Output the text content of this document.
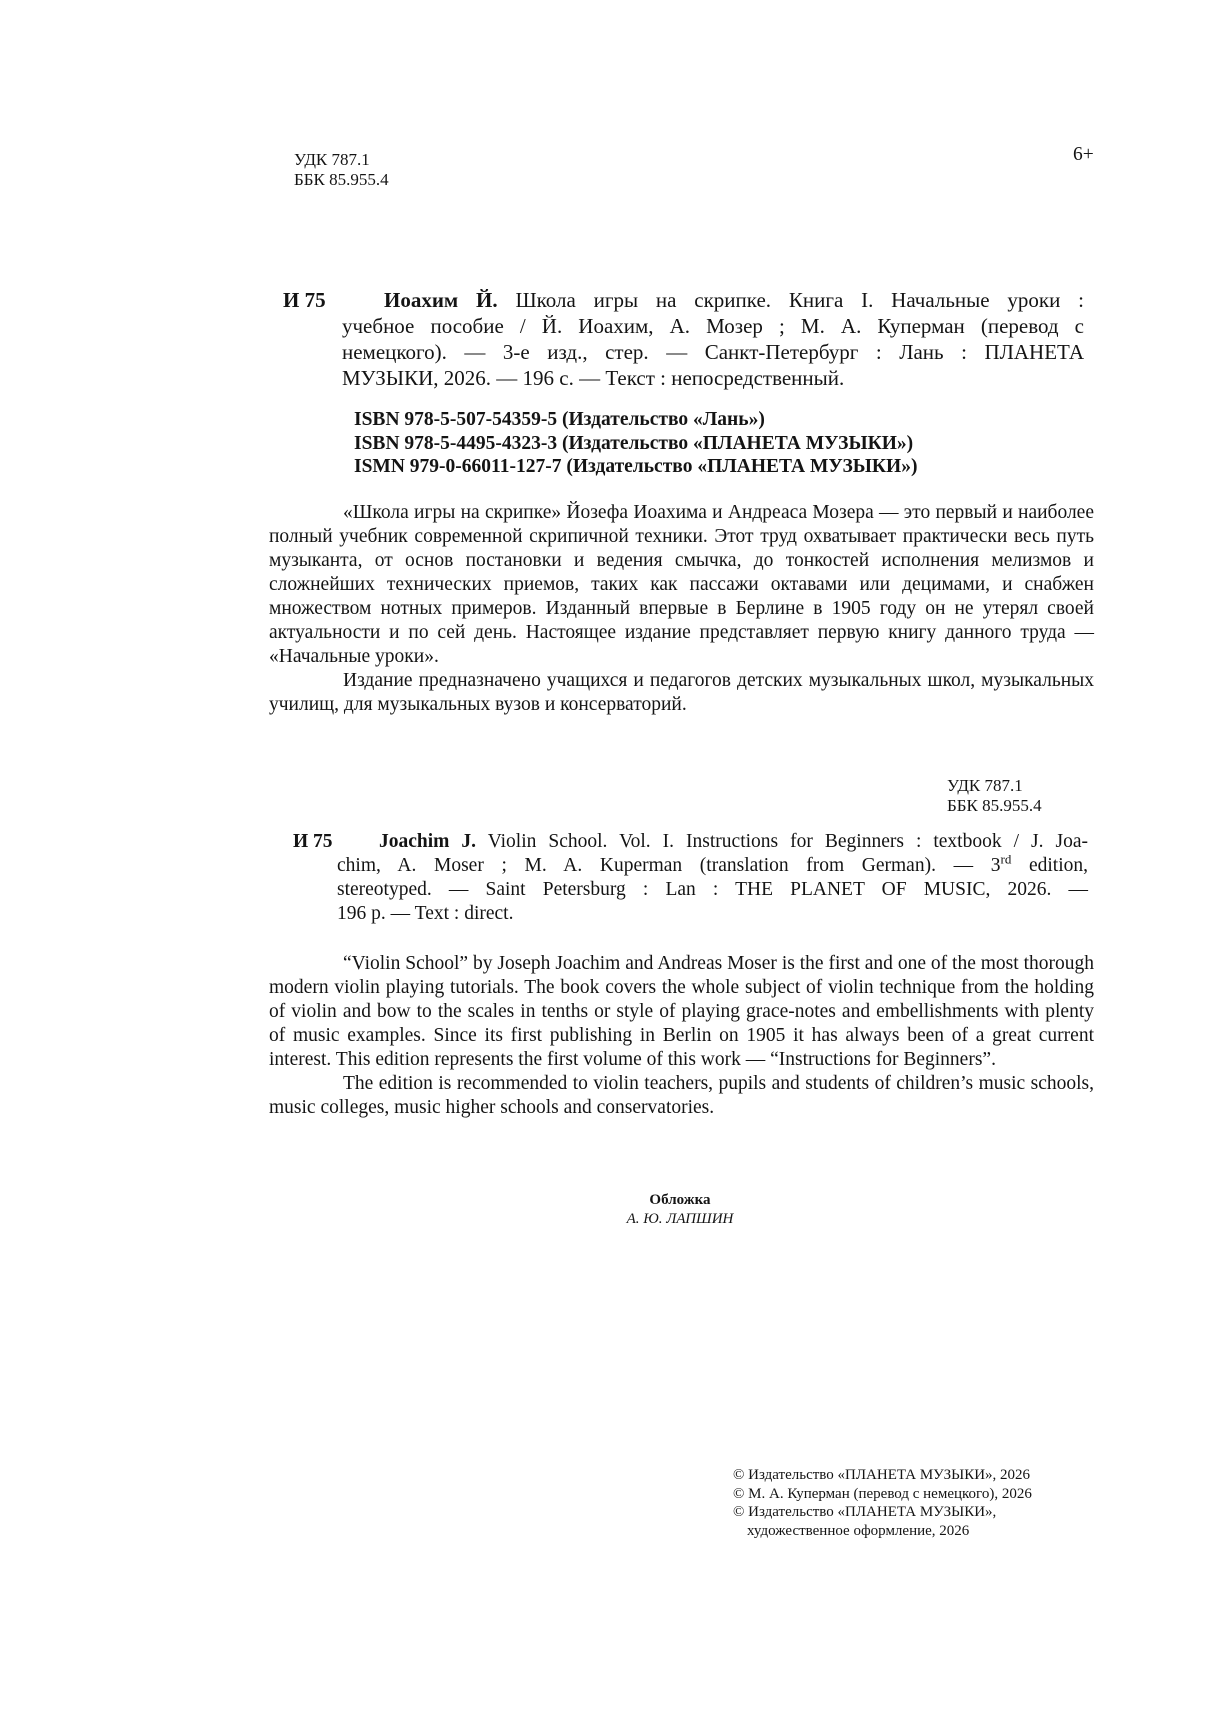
УДК 787.1
ББК 85.955.4
6+
И 75	Иоахим Й. Школа игры на скрипке. Книга I. Начальные уроки :
учебное пособие / Й. Иоахим, А. Мозер ; М. А. Куперман (перевод с
немецкого). — 3-е изд., стер. — Санкт-Петербург : Лань : ПЛАНЕТА
МУЗЫКИ, 2026. — 196 с. — Текст : непосредственный.
ISBN 978-5-507-54359-5 (Издательство «Лань»)
ISBN 978-5-4495-4323-3 (Издательство «ПЛАНЕТА МУЗЫКИ»)
ISMN 979-0-66011-127-7 (Издательство «ПЛАНЕТА МУЗЫКИ»)

«Школа игры на скрипке» Йозефа Иоахима и Андреаса Мозера — это первый и наиболее полный учебник современной скрипичной техники. Этот труд охватывает практически весь путь музыканта, от основ постановки и ведения смычка, до тонкостей исполнения мелизмов и сложнейших технических приемов, таких как пассажи октавами или децимами, и снабжен множеством нотных примеров. Изданный впервые в Берлине в 1905 году он не утерял своей актуальности и по сей день. Настоящее издание представляет первую книгу данного труда — «Начальные уроки».

Издание предназначено учащихся и педагогов детских музыкальных школ, музыкальных училищ, для музыкальных вузов и консерваторий.

УДК 787.1
ББК 85.955.4
И 75	Joachim J. Violin School. Vol. I. Instructions for Beginners : textbook / J. Joa-
chim, A. Moser ; M. A. Kuperman (translation from German). — 3rd edition,
stereotyped. — Saint Petersburg : Lan : THE PLANET OF MUSIC, 2026. —
196 p. — Text : direct.

“Violin School” by Joseph Joachim and Andreas Moser is the first and one of the most thorough modern violin playing tutorials. The book covers the whole subject of violin technique from the holding of violin and bow to the scales in tenths or style of playing grace-notes and embellishments with plenty of music examples. Since its first publishing in Berlin on 1905 it has always been of a great current interest. This edition represents the first volume of this work — “Instructions for Beginners”.

The edition is recommended to violin teachers, pupils and students of children’s music schools, music colleges, music higher schools and conservatories.

Обложка
А. Ю. ЛАПШИН
© Издательство «ПЛАНЕТА МУЗЫКИ», 2026
© М. А. Куперман (перевод с немецкого), 2026
© Издательство «ПЛАНЕТА МУЗЫКИ»,
художественное оформление, 2026
